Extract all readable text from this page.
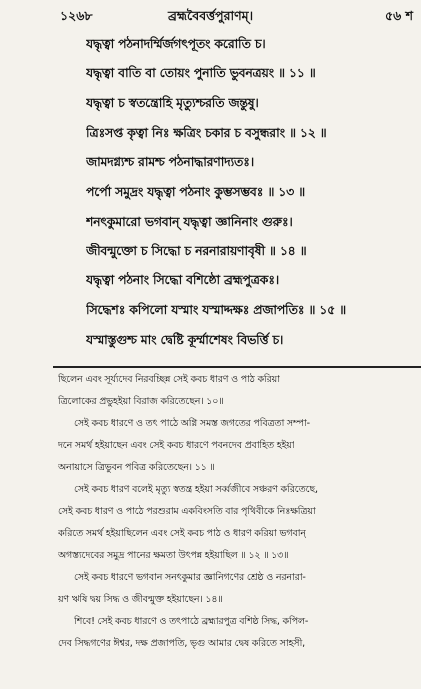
১২৬৮	ব্রহ্মবৈবর্ত্তপুরাণম্।	৫৬ শ
যদ্ধৃত্বা পঠনাদর্ম্মির্জগৎপূতং করোতি চ।
যদ্ধৃত্বা বাতি বা তোয়ং পুনাতি ভুবনত্রয়ং ॥ ১১ ॥
যদ্ধৃত্বা চ স্বতন্ত্রোহি মৃত্যুশ্চরতি জন্তুষু।
ত্রিঃসপ্ত কৃত্বা নিঃ ক্ষত্রিং চকার চ বসুন্ধরাং ॥ ১২ ॥
জামদগ্ন্যশ্চ রামশ্চ পঠনাদ্ধারণাদ্যতঃ।
পর্পো সমুদ্রং যদ্ধৃত্বা পঠনাং কুম্ভসম্ভবঃ ॥ ১৩ ॥
শনৎকুমারো ভগবান্ যদ্ধৃত্বা জ্ঞানিনাং গুরুঃ।
জীবন্মুক্তো চ সিদ্ধো চ নরনারায়ণাবৃষী ॥ ১৪ ॥
যদ্ধৃত্বা পঠনাং সিদ্ধো বশিষ্ঠো ব্রহ্মপুত্রকঃ।
সিদ্ধেশঃ কপিলো যস্মাং যস্মাদ্দক্ষঃ প্রজাপতিঃ ॥ ১৫ ॥
যস্মাস্তুগুশ্চ মাং দ্বেষ্টি কূর্ম্মাশেষং বিভর্ত্তি চ।
ছিলেন এবং সূর্য্যদেব নিরবচ্ছিন্ন সেই কবচ ধারণ ও পাঠ করিয়া
ত্রিলোকের প্রভুহইয়া বিরাজ করিতেছেন। ১০॥
সেই কবচ ধারণে ও তৎ পাঠে অগ্নি সমস্ত জগতের পবিত্রতা সম্পা-
দনে সমর্থ হইয়াছেন এবং সেই কবচ ধারণে পবনদেব প্রবাহিত হইয়া
অনায়াসে ত্রিভুবন পবিত্র করিতেছেন। ১১ ॥
সেই কবচ ধারণ বলেই মৃত্যু স্বতন্ত্র হইয়া সর্ব্বজীবে সঞ্চরণ করিতেছে,
সেই কবচ ধারণ ও পাঠে পরশুরাম একবিংসতি বার পৃথিবীকে নিঃক্ষত্রিয়া
করিতে সমর্থ হইয়াছিলেন এবং সেই কবচ পাঠ ও ধারণ করিয়া ভগবান্
অগস্ত্যদেবের সমুদ্র পানের ক্ষমতা উৎপন্ন হইয়াছিল ॥ ১২ ॥ ১৩॥
সেই কবচ ধারণে ভগবান সনৎকুমার জ্ঞানিগণের শ্রেষ্ঠ ও নরনারা-
য়ণ ঋষি দ্বয় সিদ্ধ ও জীবন্মুক্ত হইয়াছেন। ১৪॥
শিবে! সেই কবচ ধারণে ও তৎপাঠে ব্রহ্মারপুত্র বশিষ্ঠ সিদ্ধ, কপিল-
দেব সিদ্ধগণের ঈশ্বর, দক্ষ প্রজাপতি, ভৃগু আমার দ্বেষ করিতে সাহসী,
